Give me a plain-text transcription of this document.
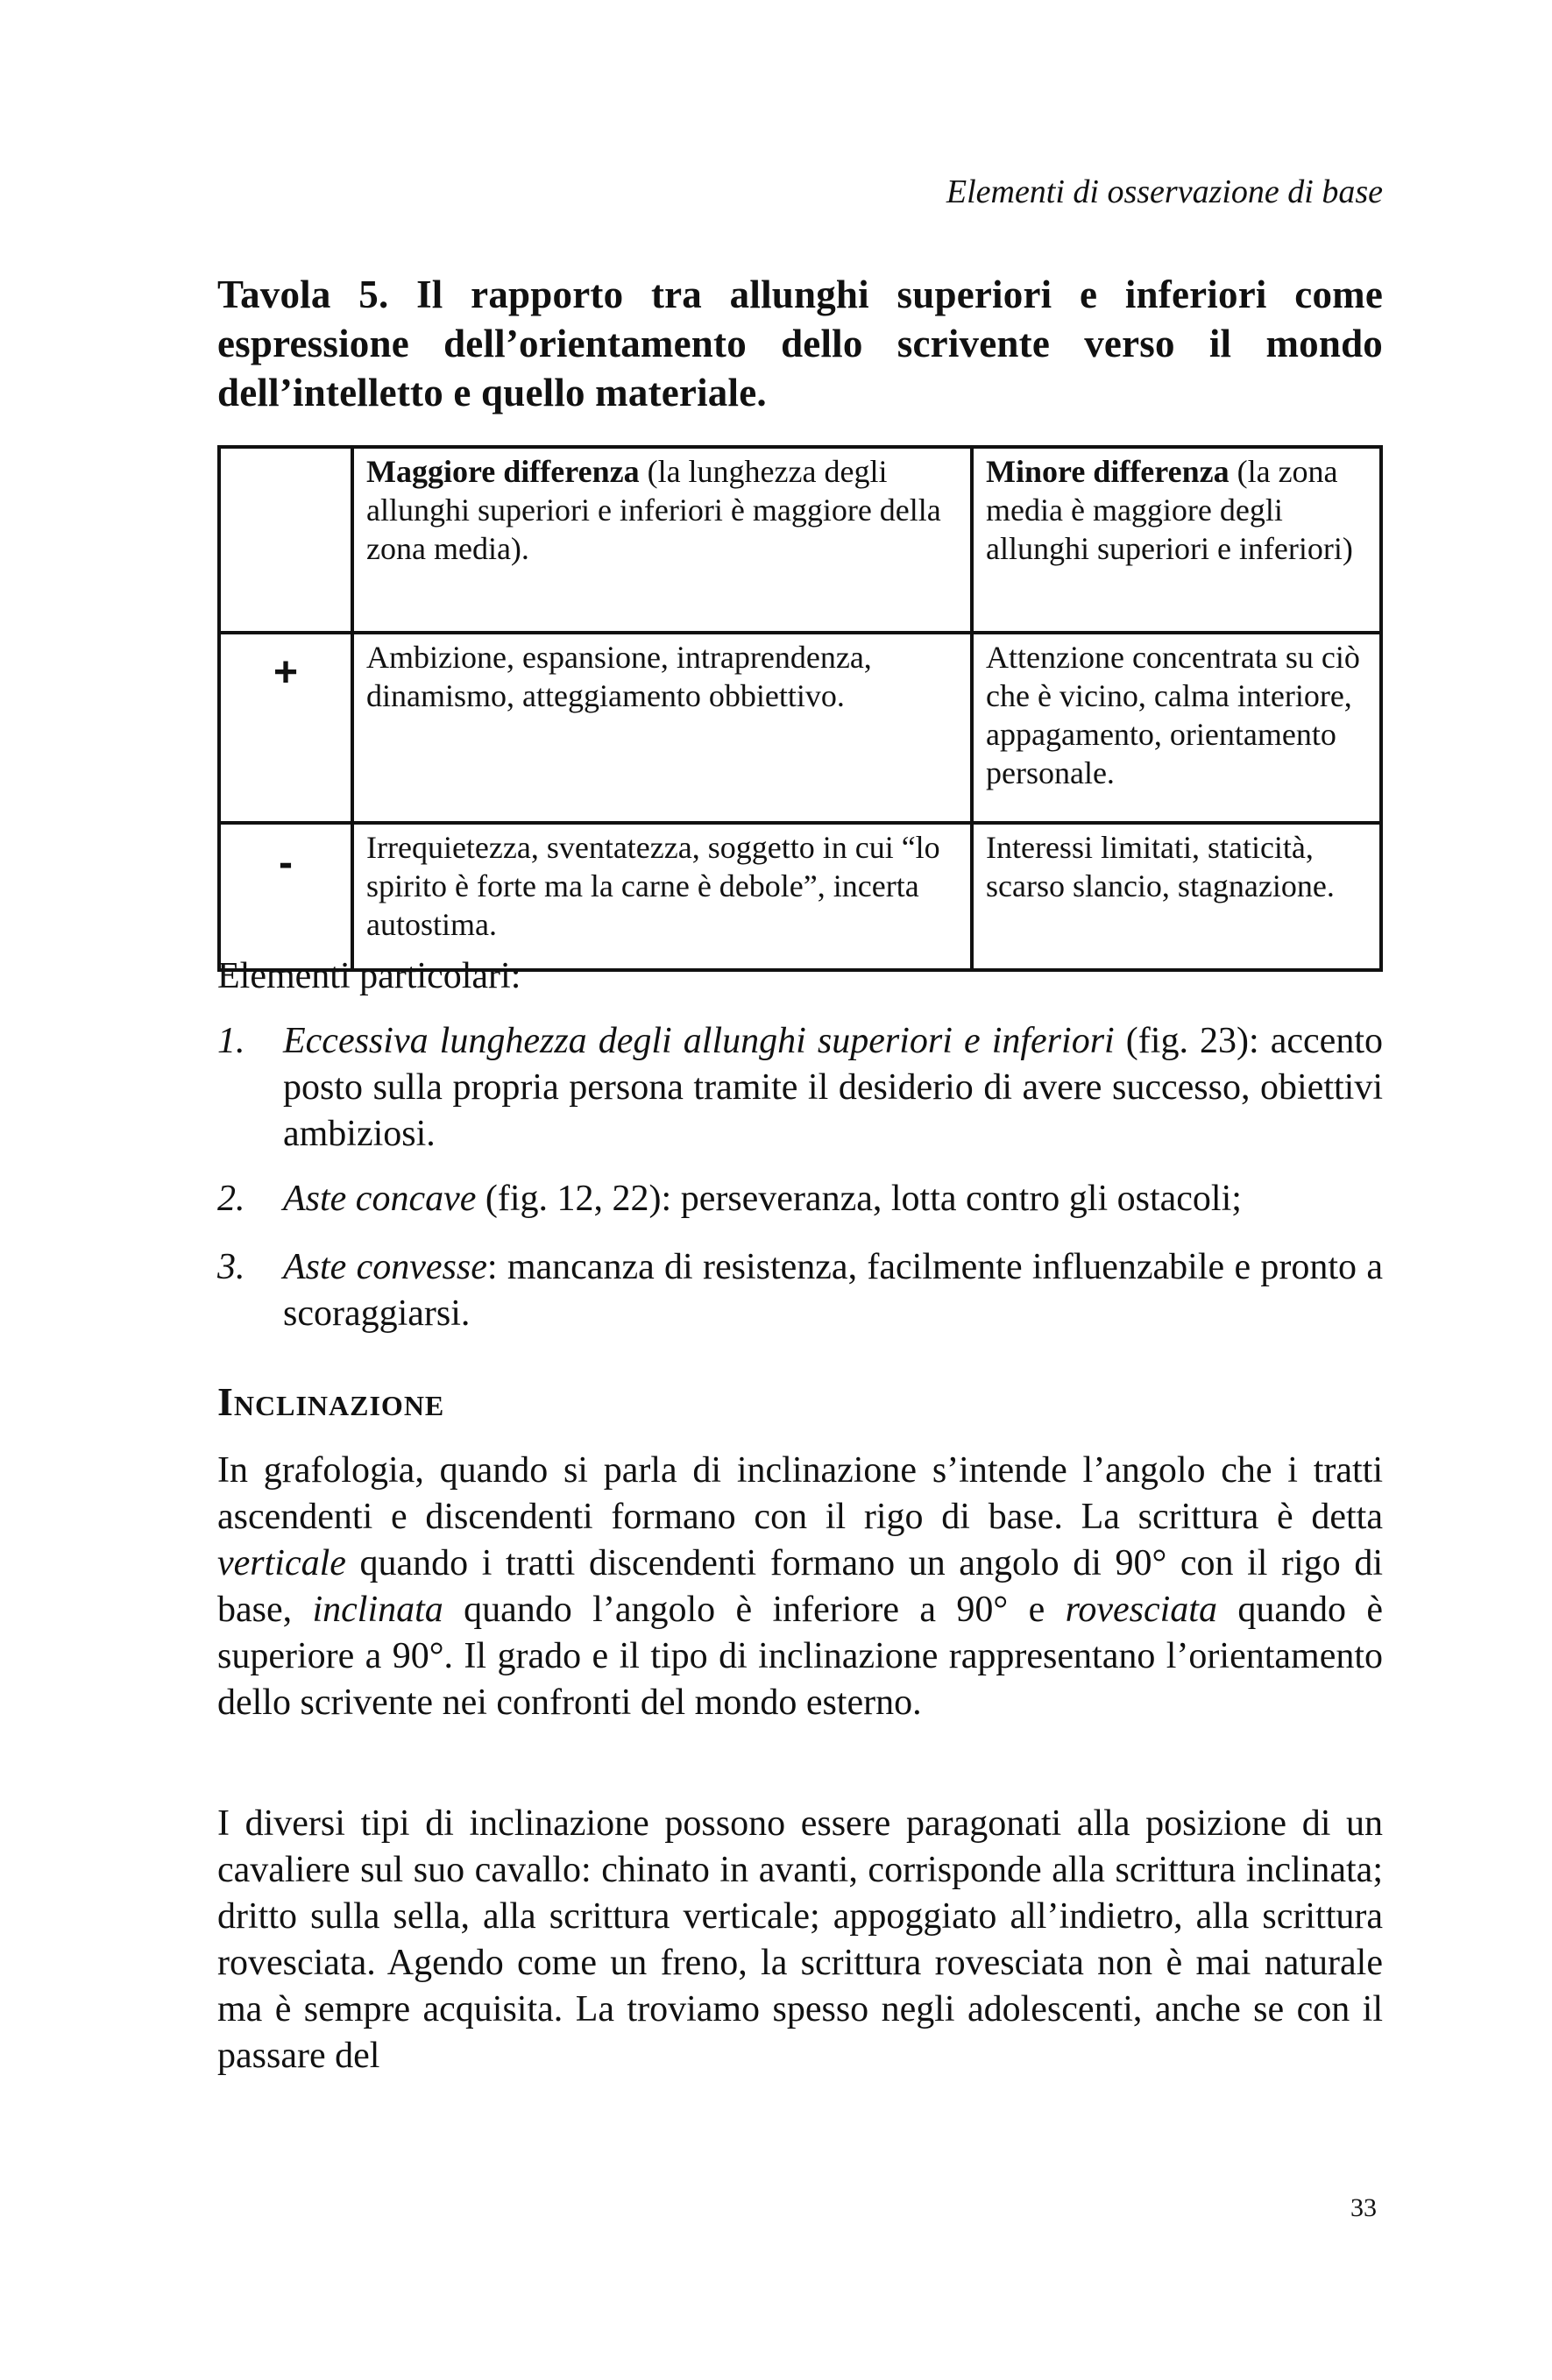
Elementi di osservazione di base
Tavola 5. Il rapporto tra allunghi superiori e inferiori come espressione dell’orientamento dello scrivente verso il mondo dell’intelletto e quello materiale.
	Maggiore differenza (la lunghezza degli allunghi superiori e inferiori è maggiore della zona media).	Minore differenza (la zona media è maggiore degli allunghi superiori e inferiori)
+	Ambizione, espansione, intraprendenza, dinamismo, atteggiamento obbiettivo.	Attenzione concentrata su ciò che è vicino, calma interiore, appagamento, orientamento personale.
-	Irrequietezza, sventatezza, soggetto in cui “lo spirito è forte ma la carne è debole”, incerta autostima.	Interessi limitati, staticità, scarso slancio, stagnazione.
Elementi particolari:
1. Eccessiva lunghezza degli allunghi superiori e inferiori (fig. 23): accento posto sulla propria persona tramite il desiderio di avere successo, obiettivi ambiziosi.
2. Aste concave (fig. 12, 22): perseveranza, lotta contro gli ostacoli;
3. Aste convesse: mancanza di resistenza, facilmente influenzabile e pronto a scoraggiarsi.
Inclinazione

In grafologia, quando si parla di inclinazione s’intende l’angolo che i tratti ascendenti e discendenti formano con il rigo di base. La scrittura è detta verticale quando i tratti discendenti formano un angolo di 90° con il rigo di base, inclinata quando l’angolo è inferiore a 90° e rovesciata quando è superiore a 90°. Il grado e il tipo di inclinazione rappresentano l’orientamento dello scrivente nei confronti del mondo esterno.

I diversi tipi di inclinazione possono essere paragonati alla posizione di un cavaliere sul suo cavallo: chinato in avanti, corrisponde alla scrittura inclinata; dritto sulla sella, alla scrittura verticale; appoggiato all’indietro, alla scrittura rovesciata. Agendo come un freno, la scrittura rovesciata non è mai naturale ma è sempre acquisita. La troviamo spesso negli adolescenti, anche se con il passare del

33
